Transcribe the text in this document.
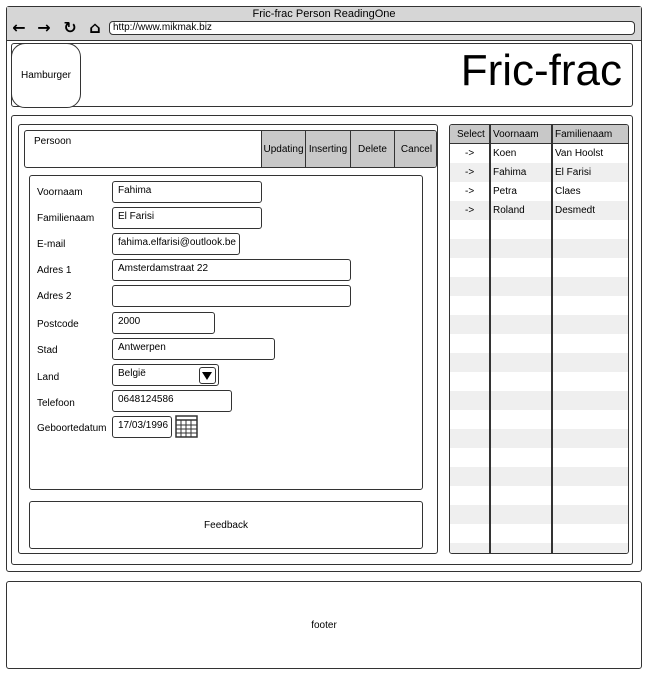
Fric-frac Person ReadingOne
← → ↻ ⌂	http://www.mikmak.biz
Hamburger	Fric-frac
Persoon
Updating Inserting	Delete	Cancel
Voornaam	Fahima
Familienaam	El Farisi
E-mail	fahima.elfarisi@outlook.be
Adres 1	Amsterdamstraat 22
Adres 2
Postcode	2000
Stad	Antwerpen
Land	België
Telefoon	0648124586
Geboortedatum	17/03/1996
Feedback
Select Voornaam Familienaam
-> Koen	Van Hoolst
-> Fahima	El Farisi
-> Petra	Claes
-> Roland	Desmedt
footer
